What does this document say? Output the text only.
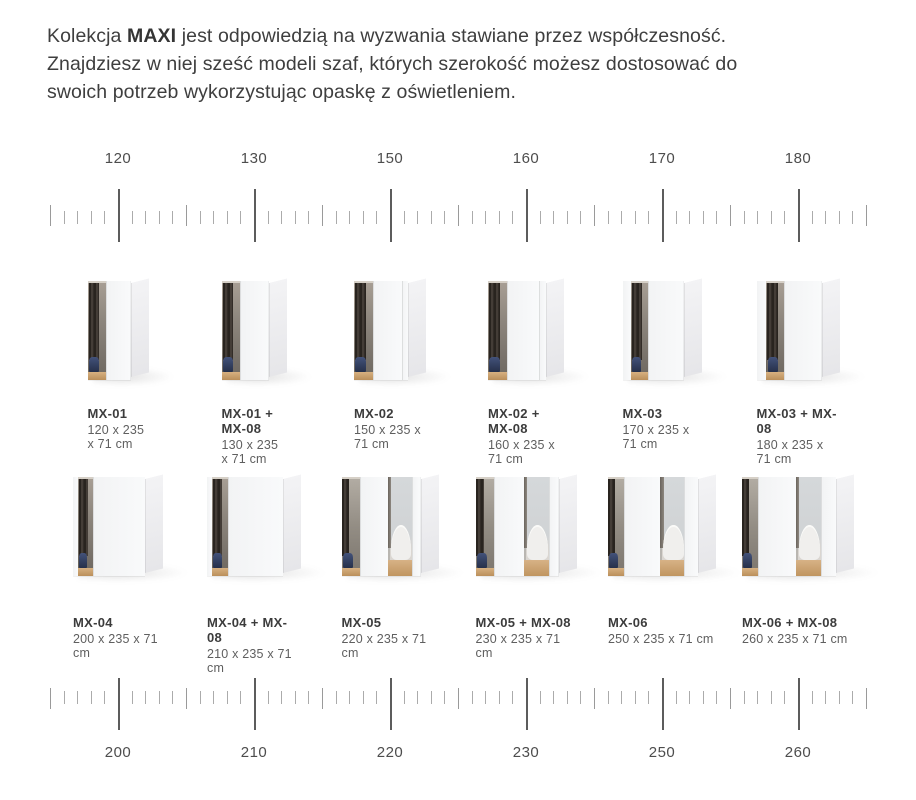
Kolekcja MAXI jest odpowiedzią na wyzwania stawiane przez współczesność.
Znajdziesz w niej sześć modeli szaf, których szerokość możesz dostosować do
swoich potrzeb wykorzystując opaskę z oświetleniem.
120	130	150	160	170	180
MX-01
120 x 235 x 71 cm
MX-01 + MX-08
130 x 235 x 71 cm
MX-02
150 x 235 x 71 cm
MX-02 + MX-08
160 x 235 x 71 cm
MX-03
170 x 235 x 71 cm
MX-03 + MX-08
180 x 235 x 71 cm
MX-04
200 x 235 x 71 cm
MX-04 + MX-08
210 x 235 x 71 cm
MX-05
220 x 235 x 71 cm
MX-05 + MX-08
230 x 235 x 71 cm
MX-06
250 x 235 x 71 cm
MX-06 + MX-08
260 x 235 x 71 cm
200	210	220	230	250	260
